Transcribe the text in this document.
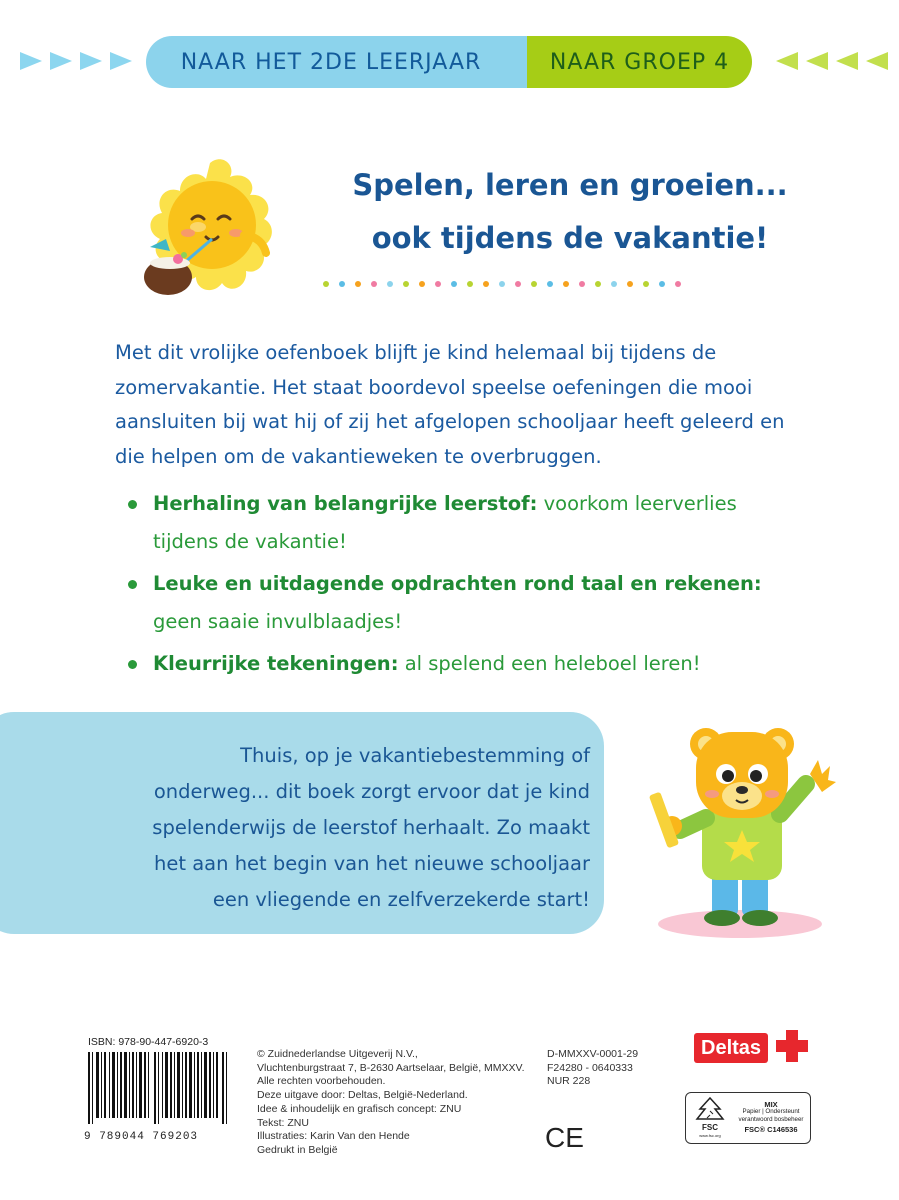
NAAR HET 2DE LEERJAAR	NAAR GROEP 4
Spelen, leren en groeien...
ook tijdens de vakantie!
Met dit vrolijke oefenboek blijft je kind helemaal bij tijdens de zomervakantie. Het staat boordevol speelse oefeningen die mooi aansluiten bij wat hij of zij het afgelopen schooljaar heeft geleerd en die helpen om de vakantieweken te overbruggen.
Herhaling van belangrijke leerstof: voorkom leerverlies tijdens de vakantie!
Leuke en uitdagende opdrachten rond taal en rekenen: geen saaie invulblaadjes!
Kleurrijke tekeningen: al spelend een heleboel leren!
Thuis, op je vakantiebestemming of
onderweg... dit boek zorgt ervoor dat je kind
spelenderwijs de leerstof herhaalt. Zo maakt
het aan het begin van het nieuwe schooljaar
een vliegende en zelfverzekerde start!
ISBN: 978-90-447-6920-3
9 789044 769203
© Zuidnederlandse Uitgeverij N.V.,
Vluchtenburgstraat 7, B-2630 Aartselaar, België, MMXXV.
Alle rechten voorbehouden.
Deze uitgave door: Deltas, België-Nederland.
Idee & inhoudelijk en grafisch concept: ZNU
Tekst: ZNU
Illustraties: Karin Van den Hende
Gedrukt in België
D-MMXXV-0001-29
F24280 - 0640333
NUR 228
CE
Deltas
FSC
www.fsc.org
MIX
Papier | Ondersteunt
verantwoord bosbeheer
FSC® C146536
